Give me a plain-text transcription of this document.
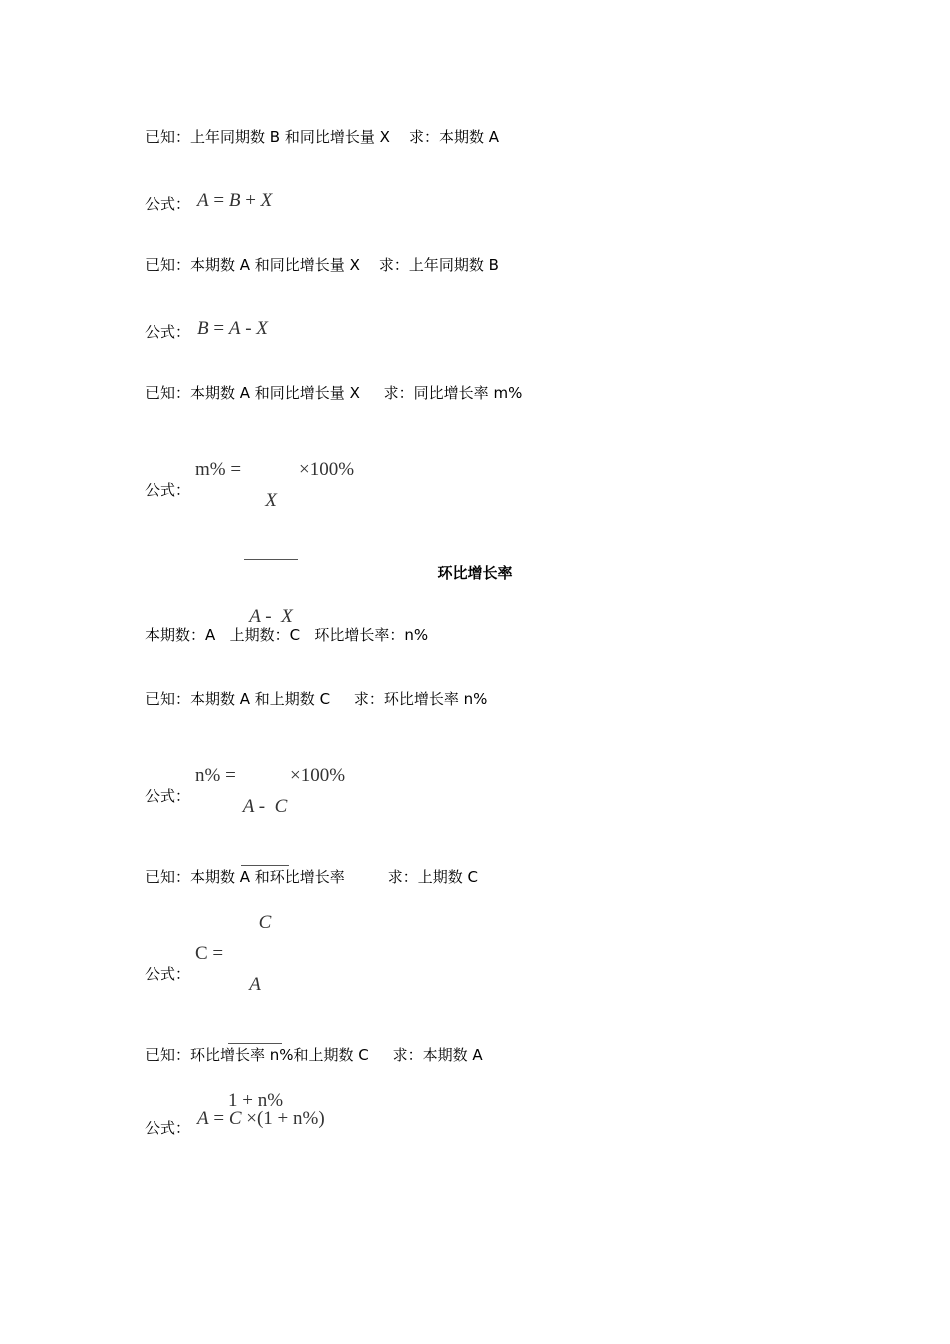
已知：上年同期数 B 和同比增长量 X    求：本期数 A
公式： A = B + X
已知：本期数 A 和同比增长量 X    求：上年同期数 B
公式： B = A - X
已知：本期数 A 和同比增长量 X     求：同比增长率 m%
公式：
m% =

X

A -  X

×100%
环比增长率
本期数：A   上期数：C   环比增长率：n%
已知：本期数 A 和上期数 C     求：环比增长率 n%
公式：
n% =

A -  C

C

×100%
已知：本期数 A 和环比增长率         求：上期数 C
公式：
C =

A

1 + n%

已知：环比增长率 n%和上期数 C     求：本期数 A
公式： A = C ×(1 + n%)
